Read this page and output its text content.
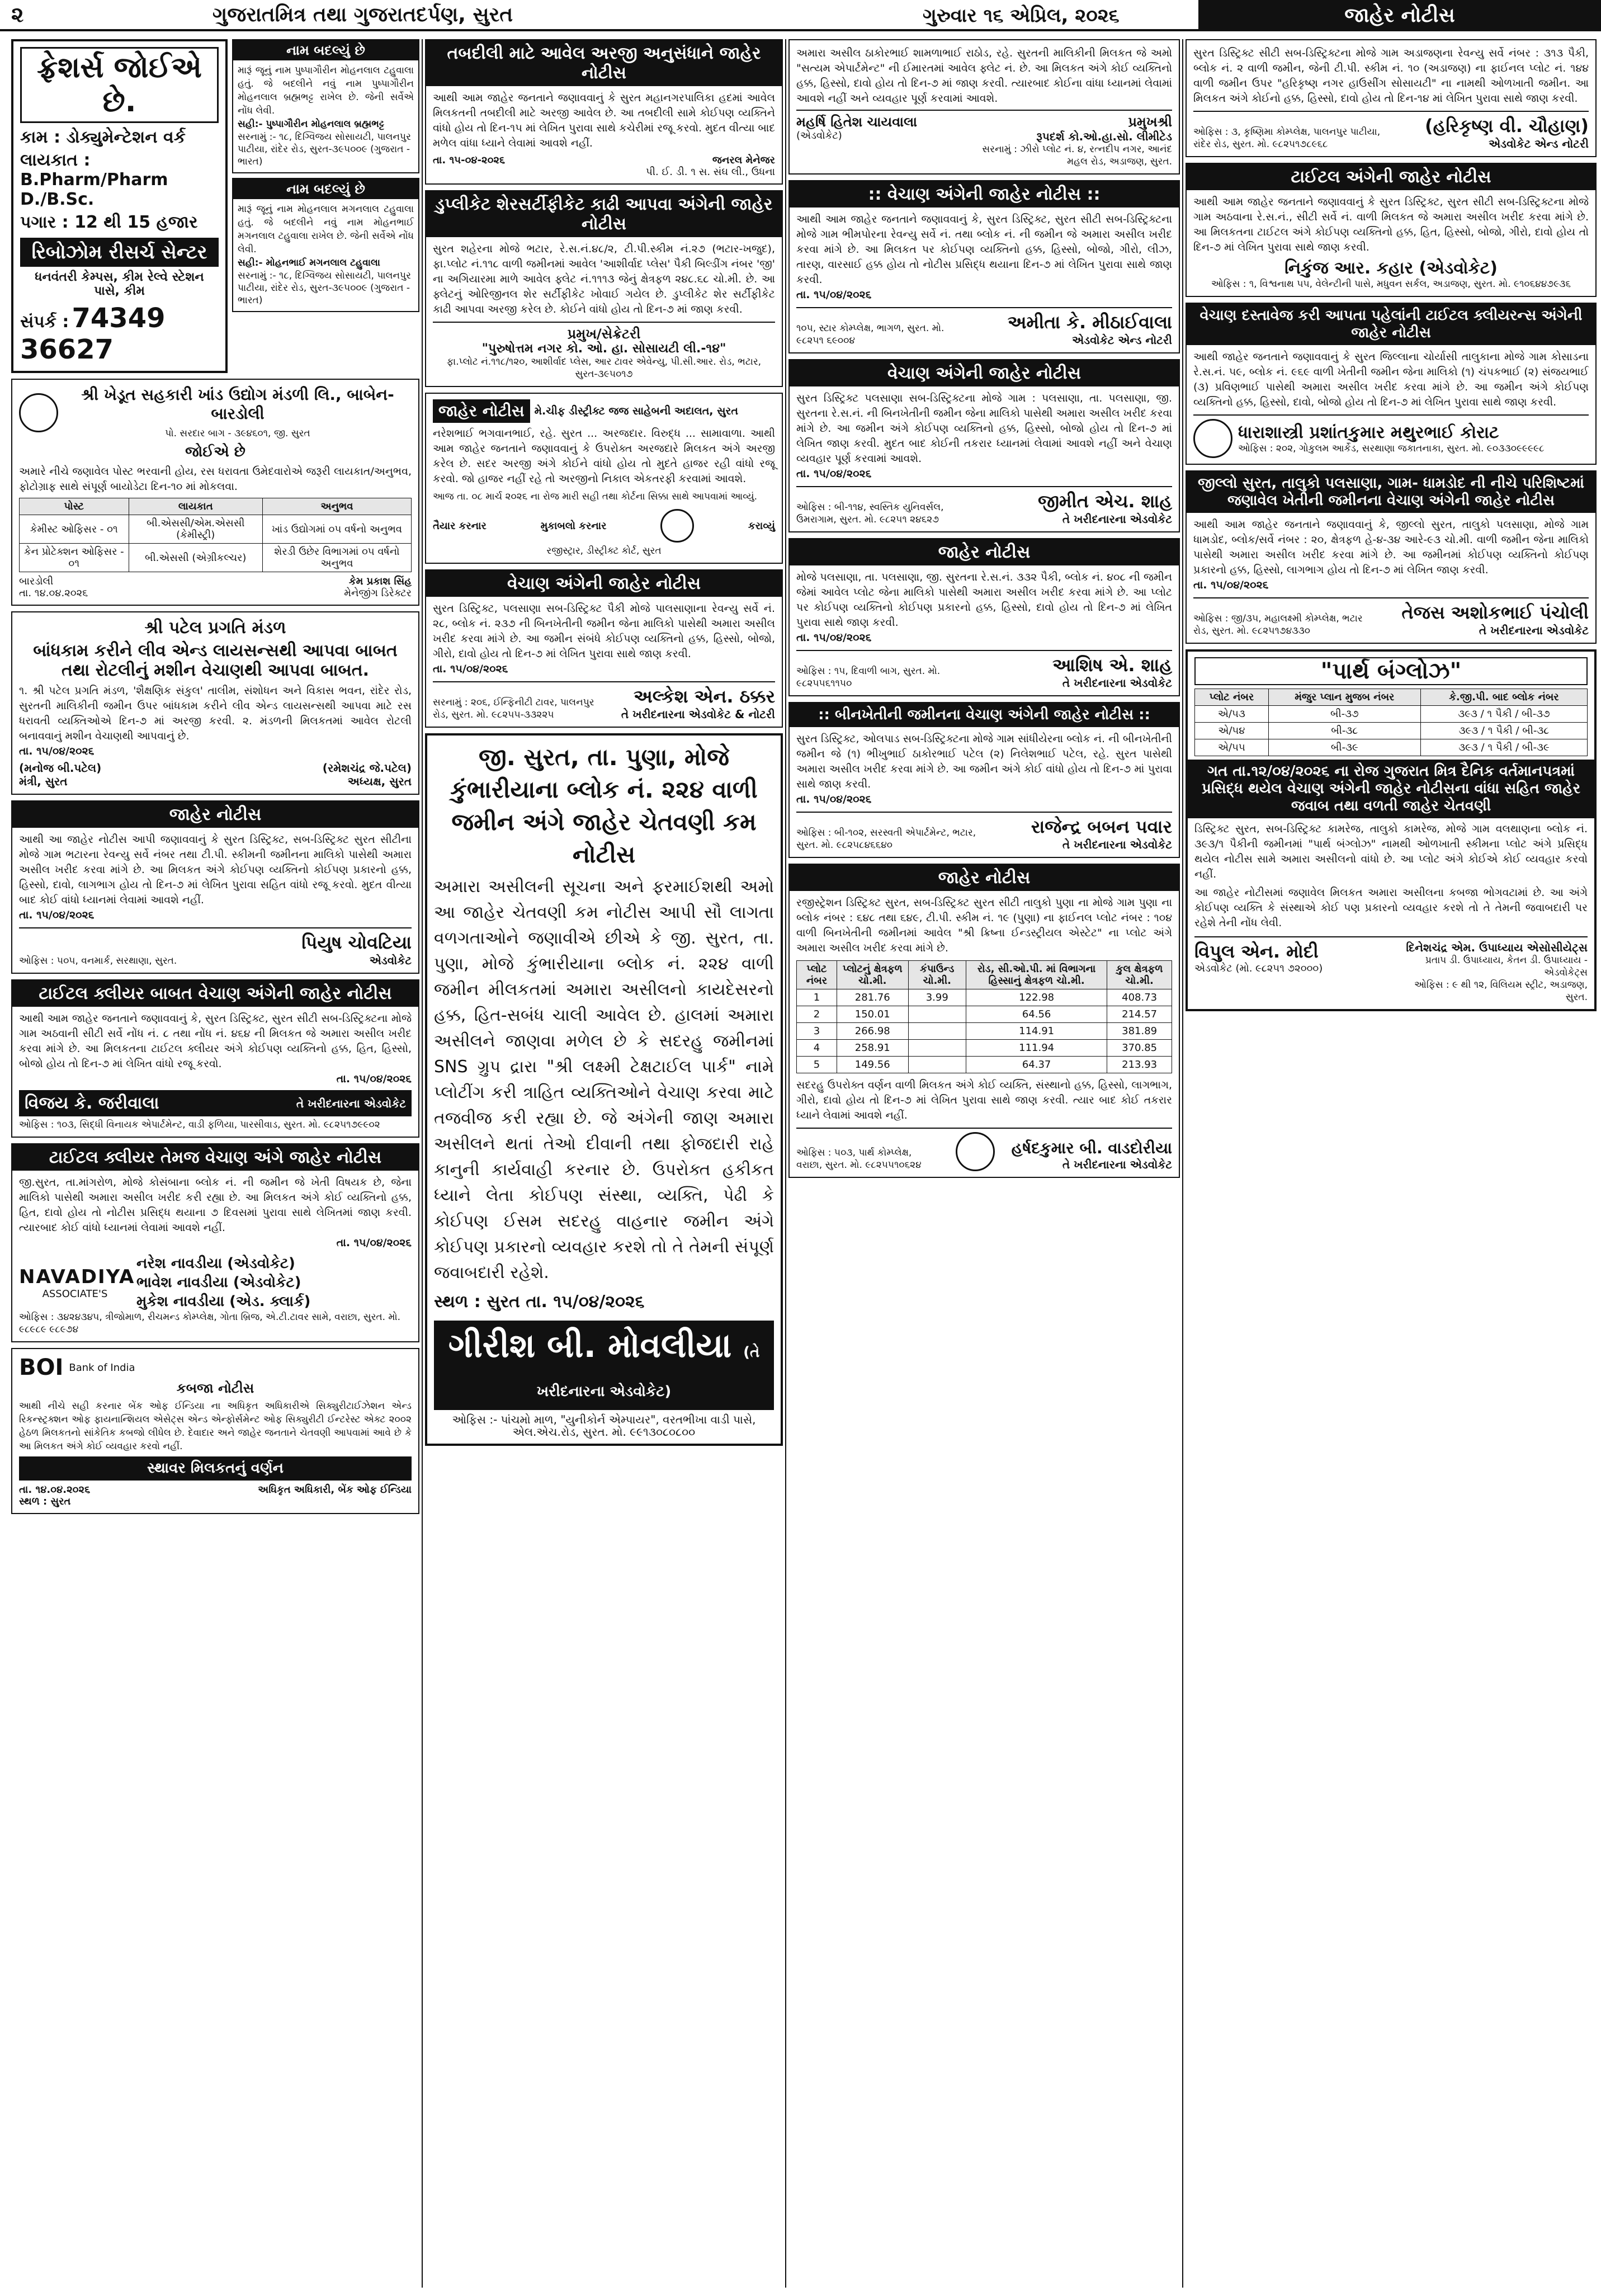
૨	ગુજરાતમિત્ર તથા ગુજરાતદર્પણ, સુરત	ગુરુવાર ૧૬ એપ્રિલ, ૨૦૨૬	જાહેર નોટીસ
ફ્રેશર્સ જોઈએ છે.
કામ : ડોક્યુમેન્ટેશન વર્ક
લાયકાત : B.Pharm/Pharm D./B.Sc.
પગાર : 12 થી 15 હજાર
રિબોઝોમ રીસર્ચ સેન્ટર
ધનવંતરી કેમ્પસ, કીમ રેલ્વે સ્ટેશન પાસે, કીમ
સંપર્ક : 74349 36627
નામ બદલ્યું છે
મારૂં જૂનું નામ પુષ્પાગૌરીન મોહનલાલ ટહુવાલા હતું. જે બદલીને નવું નામ પુષ્પાગૌરીન મોહનલાલ બ્રહ્મભટ્ટ રાખેલ છે. જેની સર્વેએ નોંધ લેવી.
સહી:- પુષ્પાગૌરીન મોહનલાલ બ્રહ્મભટ્ટ
સરનામું :- ૧૮, દિગ્વિજય સોસાયટી, પાલનપુર પાટીયા, રાંદેર રોડ, સુરત-૩૯૫૦૦૯ (ગુજરાત - ભારત)
નામ બદલ્યું છે
મારૂં જૂનું નામ મોહનલાલ મગનલાલ ટહુવાલા હતું. જે બદલીને નવું નામ મોહનભાઈ મગનલાલ ટહુવાલા રાખેલ છે. જેની સર્વેએ નોંધ લેવી.
સહી:- મોહનભાઈ મગનલાલ ટહુવાલા
સરનામું :- ૧૮, દિગ્વિજય સોસાયટી, પાલનપુર પાટીયા, રાંદેર રોડ, સુરત-૩૯૫૦૦૯ (ગુજરાત - ભારત)
શ્રી ખેડૂત સહકારી ખાંડ ઉદ્યોગ મંડળી લિ., બાબેન-બારડોલી
પો. સરદાર બાગ - ૩૯૪૬૦૧, જી. સુરત
જોઈએ છે
અમારે નીચે જણાવેલ પોસ્ટ ભરવાની હોય, રસ ધરાવતા ઉમેદવારોએ જરૂરી લાયકાત/અનુભવ, ફોટોગ્રાફ સાથે સંપૂર્ણ બાયોડેટા દિન-૧૦ માં મોકલવા.
પોસ્ટ	લાયકાત	અનુભવ
કેમીસ્ટ ઓફિસર - ૦૧	બી.એસસી/એમ.એસસી (કેમીસ્ટ્રી)	ખાંડ ઉદ્યોગમાં ૦૫ વર્ષનો અનુભવ
કેન પ્રોટેક્શન ઓફિસર - ૦૧	બી.એસસી (એગ્રીકલ્ચર)	શેરડી ઉછેર વિભાગમાં ૦૫ વર્ષનો અનુભવ
બારડોલી
તા. ૧૪.૦૪.૨૦૨૬
કેમ પ્રકાશ સિંહ
મેનેજીંગ ડિરેક્ટર
શ્રી પટેલ પ્રગતિ મંડળ
બાંધકામ કરીને લીવ એન્ડ લાયસન્સથી આપવા બાબત તથા રોટલીનું મશીન વેચાણથી આપવા બાબત.
૧. શ્રી પટેલ પ્રગતિ મંડળ, 'શૈક્ષણિક સંકુલ' તાલીમ, સંશોધન અને વિકાસ ભવન, રાંદેર રોડ, સુરતની માલિકીની જમીન ઉપર બાંધકામ કરીને લીવ એન્ડ લાયસન્સથી આપવા માટે રસ ધરાવતી વ્યક્તિઓએ દિન-૭ માં અરજી કરવી. ૨. મંડળની મિલકતમાં આવેલ રોટલી બનાવવાનું મશીન વેચાણથી આપવાનું છે.
તા. ૧૫/૦૪/૨૦૨૬
(મનોજ બી.પટેલ)
મંત્રી, સુરત
(રમેશચંદ્ર જે.પટેલ)
અધ્યક્ષ, સુરત
જાહેર નોટીસ
આથી આ જાહેર નોટીસ આપી જણાવવાનું કે સુરત ડિસ્ટ્રિક્ટ, સબ-ડિસ્ટ્રિક્ટ સુરત સીટીના મોજે ગામ ભટારના રેવન્યુ સર્વે નંબર તથા ટી.પી. સ્કીમની જમીનના માલિકો પાસેથી અમારા અસીલ ખરીદ કરવા માંગે છે. આ મિલકત અંગે કોઈપણ વ્યક્તિનો કોઈપણ પ્રકારનો હક્ક, હિસ્સો, દાવો, લાગભાગ હોય તો દિન-૭ માં લેખિત પુરાવા સહિત વાંધો રજૂ કરવો. મુદત વીત્યા બાદ કોઈ વાંધો ધ્યાનમાં લેવામાં આવશે નહીં.
તા. ૧૫/૦૪/૨૦૨૬
ઓફિસ : ૫૦૫, વનમાર્ક, સરથાણા, સુરત.
પિયુષ ચોવટિયા
એડવોકેટ
ટાઈટલ ક્લીયર બાબત વેચાણ અંગેની જાહેર નોટીસ
આથી આમ જાહેર જનતાને જણાવવાનું કે, સુરત ડિસ્ટ્રિક્ટ, સુરત સીટી સબ-ડિસ્ટ્રિક્ટના મોજે ગામ અઠવાની સીટી સર્વે નોંધ નં. ૮ તથા નોંધ નં. ૪૬૪ ની મિલકત જે અમારા અસીલ ખરીદ કરવા માંગે છે. આ મિલકતના ટાઈટલ ક્લીયર અંગે કોઈપણ વ્યક્તિનો હક્ક, હિત, હિસ્સો, બોજો હોય તો દિન-૭ માં લેખિત વાંધો રજૂ કરવો.
તા. ૧૫/૦૪/૨૦૨૬
વિજય કે. જરીવાલા	તે ખરીદનારના એડવોકેટ
ઓફિસ : ૧૦૩, સિદ્ધી વિનાયક એપાર્ટમેન્ટ, વાડી ફળિયા, પારસીવાડ, સુરત. મો. ૯૮૨૫૧૭૯૯૦૨
ટાઈટલ ક્લીયર તેમજ વેચાણ અંગે જાહેર નોટીસ
જી.સુરત, તા.માંગરોળ, મોજે કોસંબાના બ્લોક નં. ની જમીન જે ખેતી વિષયક છે, જેના માલિકો પાસેથી અમારા અસીલ ખરીદ કરી રહ્યા છે. આ મિલકત અંગે કોઈ વ્યક્તિનો હક્ક, હિત, દાવો હોય તો નોટીસ પ્રસિદ્ધ થયાના ૭ દિવસમાં પુરાવા સાથે લેખિતમાં જાણ કરવી. ત્યારબાદ કોઈ વાંધો ધ્યાનમાં લેવામાં આવશે નહીં.
તા. ૧૫/૦૪/૨૦૨૬
NAVADIYA
ASSOCIATE'S
નરેશ નાવડીયા (એડવોકેટ)
ભાવેશ નાવડીયા (એડવોકેટ)
મુકેશ નાવડીયા (એડ. ક્લાર્ક)
ઓફિસ : ૩૪૨૪૩૪૫, ત્રીજોમાળ, રીચમન્ડ કોમ્પ્લેક્ષ, ગોતા બ્રિજ, એ.ટી.ટાવર સામે, વરાછા, સુરત. મો. ૯૮૯૮૯ ૯૮૯૭૪
BOI Bank of India
કબજા નોટીસ
આથી નીચે સહી કરનાર બેંક ઓફ ઈન્ડિયા ના અધિકૃત અધિકારીએ સિક્યુરીટાઈઝેશન એન્ડ રિકન્સ્ટ્રક્શન ઓફ ફાયનાન્શિયલ એસેટ્સ એન્ડ એન્ફોર્સમેન્ટ ઓફ સિક્યુરીટી ઈન્ટરેસ્ટ એક્ટ ૨૦૦૨ હેઠળ મિલકતનો સાંકેતિક કબજો લીધેલ છે. દેવાદાર અને જાહેર જનતાને ચેતવણી આપવામાં આવે છે કે આ મિલકત અંગે કોઈ વ્યવહાર કરવો નહીં.
સ્થાવર મિલકતનું વર્ણન
તા. ૧૪.૦૪.૨૦૨૬
સ્થળ : સુરત
અધિકૃત અધિકારી, બેંક ઓફ ઈન્ડિયા
તબદીલી માટે આવેલ અરજી અનુસંધાને જાહેર નોટીસ
આથી આમ જાહેર જનતાને જણાવવાનું કે સુરત મહાનગરપાલિકા હદમાં આવેલ મિલકતની તબદીલી માટે અરજી આવેલ છે. આ તબદીલી સામે કોઈપણ વ્યક્તિને વાંધો હોય તો દિન-૧૫ માં લેખિત પુરાવા સાથે કચેરીમાં રજૂ કરવો. મુદત વીત્યા બાદ મળેલ વાંધા ધ્યાને લેવામાં આવશે નહીં.
તા. ૧૫-૦૪-૨૦૨૬	જનરલ મેનેજર
પી. ઈ. ડી. ૧ સ. સંઘ લી., ઉધના
ડુપ્લીકેટ શેરસર્ટીફીકેટ કાઢી આપવા અંગેની જાહેર નોટીસ
સુરત શહેરના મોજે ભટાર, રે.સ.નં.૪૮/૨, ટી.પી.સ્કીમ નં.૨૭ (ભટાર-ખજુદ), ફા.પ્લોટ નં.૧૧૮ વાળી જમીનમાં આવેલ 'આશીર્વાદ પ્લેસ' પૈકી બિલ્ડીંગ નંબર 'જી' ના અગિયારમા માળે આવેલ ફ્લેટ નં.૧૧૧૩ જેનું ક્ષેત્રફળ ૨૪૮.૬૮ ચો.મી. છે. આ ફ્લેટનું ઓરિજીનલ શેર સર્ટીફીકેટ ખોવાઈ ગયેલ છે. ડુપ્લીકેટ શેર સર્ટીફીકેટ કાઢી આપવા અરજી કરેલ છે. કોઈને વાંધો હોય તો દિન-૭ માં જાણ કરવી.
પ્રમુખ/સેક્રેટરી
"પુરુષોત્તમ નગર કો. ઓ. હા. સોસાયટી લી.-૧૪"
ફા.પ્લોટ નં.૧૧૮/૧૨૦, આશીર્વાદ પ્લેસ, આર ટાવર એવેન્યુ, પી.સી.આર. રોડ, ભટાર, સુરત-૩૯૫૦૧૭
જાહેર નોટીસ મે.ચીફ ડીસ્ટ્રીક્ટ જજ સાહેબની અદાલત, સુરત
નરેશભાઈ ભગવાનભાઈ, રહે. સુરત ... અરજદાર. વિરુદ્ધ ... સામાવાળા. આથી આમ જાહેર જનતાને જણાવવાનું કે ઉપરોક્ત અરજદારે મિલકત અંગે અરજી કરેલ છે. સદર અરજી અંગે કોઈને વાંધો હોય તો મુદતે હાજર રહી વાંધો રજૂ કરવો. જો હાજર નહીં રહે તો અરજીનો નિકાલ એકતરફી કરવામાં આવશે.
આજ તા. ૦૮ માર્ચ ૨૦૨૬ ના રોજ મારી સહી તથા કોર્ટના સિક્કા સાથે આપવામાં આવ્યું.
તૈયાર કરનાર	મુકાબલો કરનાર	કરાવ્યું
રજીસ્ટ્રાર, ડીસ્ટ્રીક્ટ કોર્ટ, સુરત
વેચાણ અંગેની જાહેર નોટીસ
સુરત ડિસ્ટ્રિક્ટ, પલસાણા સબ-ડિસ્ટ્રિક્ટ પૈકી મોજે પાલસાણાના રેવન્યુ સર્વે નં. ૨૮, બ્લોક નં. ૨૩૭ ની બિનખેતીની જમીન જેના માલિકો પાસેથી અમારા અસીલ ખરીદ કરવા માંગે છે. આ જમીન સંબંધે કોઈપણ વ્યક્તિનો હક્ક, હિસ્સો, બોજો, ગીરો, દાવો હોય તો દિન-૭ માં લેખિત પુરાવા સાથે જાણ કરવી.
તા. ૧૫/૦૪/૨૦૨૬
સરનામું : ૨૦૬, ઈન્ફિનીટી ટાવર, પાલનપુર રોડ, સુરત. મો. ૯૮૨૫૫-૩૩૨૨૫
અલ્કેશ એન. ઠક્કર
તે ખરીદનારના એડવોકેટ & નોટરી
જી. સુરત, તા. પુણા, મોજે કુંભારીયાના બ્લોક નં. ૨૨૪ વાળી જમીન અંગે જાહેર ચેતવણી કમ નોટીસ
અમારા અસીલની સૂચના અને ફરમાઈશથી અમો આ જાહેર ચેતવણી કમ નોટીસ આપી સૌ લાગતા વળગતાઓને જણાવીએ છીએ કે જી. સુરત, તા. પુણા, મોજે કુંભારીયાના બ્લોક નં. ૨૨૪ વાળી જમીન મીલકતમાં અમારા અસીલનો કાયદેસરનો હક્ક, હિત-સબંધ ચાલી આવેલ છે. હાલમાં અમારા અસીલને જાણવા મળેલ છે કે સદરહુ જમીનમાં SNS ગ્રુપ દ્રારા "શ્રી લક્ષ્મી ટેક્ષટાઈલ પાર્ક" નામે પ્લોટીંગ કરી ત્રાહિત વ્યક્તિઓને વેચાણ કરવા માટે તજવીજ કરી રહ્યા છે. જે અંગેની જાણ અમારા અસીલને થતાં તેઓ દીવાની તથા ફોજદારી રાહે કાનુની કાર્યવાહી કરનાર છે. ઉપરોક્ત હકીકત ધ્યાને લેતા કોઈપણ સંસ્થા, વ્યક્તિ, પેઢી કે કોઈપણ ઈસમ સદરહુ વાહનાર જમીન અંગે કોઈપણ પ્રકારનો વ્યવહાર કરશે તો તે તેમની સંપૂર્ણ જવાબદારી રહેશે.
સ્થળ : સુરત તા. ૧૫/૦૪/૨૦૨૬
ગીરીશ બી. મોવલીયા (તે ખરીદનારના એડવોકેટ)
ઓફિસ :- પાંચમો માળ, "યુનીકોર્ન એમ્પાયર", વરતભીખા વાડી પાસે, એલ.એચ.રોડ, સુરત. મો. ૯૯૧૩૦૮૦૮૦૦
અમારા અસીલ ઠાકોરભાઈ શામળાભાઈ રાઠોડ, રહે. સુરતની માલિકીની મિલકત જે અમો "સત્યમ એપાર્ટમેન્ટ" ની ઈમારતમાં આવેલ ફ્લેટ નં. છે. આ મિલકત અંગે કોઈ વ્યક્તિનો હક્ક, હિસ્સો, દાવો હોય તો દિન-૭ માં જાણ કરવી. ત્યારબાદ કોઈના વાંધા ધ્યાનમાં લેવામાં આવશે નહીં અને વ્યવહાર પૂર્ણ કરવામાં આવશે.
મહર્ષિ હિતેશ ચાયવાલા
(એડવોકેટ)
પ્રમુખશ્રી
રૂપદર્શ કો.ઓ.હા.સો. લીમીટેડ
સરનામું : ઝીરો પ્લોટ નં. ૪, રત્નદીપ નગર, આનંદ મહલ રોડ, અડાજણ, સુરત.
:: વેચાણ અંગેની જાહેર નોટીસ ::
આથી આમ જાહેર જનતાને જણાવવાનું કે, સુરત ડિસ્ટ્રિક્ટ, સુરત સીટી સબ-ડિસ્ટ્રિક્ટના મોજે ગામ ભીમપોરના રેવન્યુ સર્વે નં. તથા બ્લોક નં. ની જમીન જે અમારા અસીલ ખરીદ કરવા માંગે છે. આ મિલકત પર કોઈપણ વ્યક્તિનો હક્ક, હિસ્સો, બોજો, ગીરો, લીઝ, તારણ, વારસાઈ હક્ક હોય તો નોટીસ પ્રસિદ્ધ થયાના દિન-૭ માં લેખિત પુરાવા સાથે જાણ કરવી.
તા. ૧૫/૦૪/૨૦૨૬
૧૦૫, સ્ટાર કોમ્પ્લેક્ષ, ભાગળ, સુરત. મો. ૯૮૨૫૧ ૬૯૦૦૪
અમીતા કે. મીઠાઈવાલા
એડવોકેટ એન્ડ નોટરી
વેચાણ અંગેની જાહેર નોટીસ
સુરત ડિસ્ટ્રિક્ટ પલસાણા સબ-ડિસ્ટ્રિક્ટના મોજે ગામ : પલસાણા, તા. પલસાણા, જી. સુરતના રે.સ.નં. ની બિનખેતીની જમીન જેના માલિકો પાસેથી અમારા અસીલ ખરીદ કરવા માંગે છે. આ જમીન અંગે કોઈપણ વ્યક્તિનો હક્ક, હિસ્સો, બોજો હોય તો દિન-૭ માં લેખિત જાણ કરવી. મુદત બાદ કોઈની તકરાર ધ્યાનમાં લેવામાં આવશે નહીં અને વેચાણ વ્યવહાર પૂર્ણ કરવામાં આવશે.
તા. ૧૫/૦૪/૨૦૨૬
ઓફિસ : બી-૧૧૪, સ્વસ્તિક યુનિવર્સલ, ઉમરાગામ, સુરત. મો. ૯૮૨૫૧ ૨૪૬૨૭
જીમીત એચ. શાહ
તે ખરીદનારના એડવોકેટ
જાહેર નોટીસ
મોજે પલસાણા, તા. પલસાણા, જી. સુરતના રે.સ.નં. ૩૩૨ પૈકી, બ્લોક નં. ૪૦૮ ની જમીન જેમાં આવેલ પ્લોટ જેના માલિકો પાસેથી અમારા અસીલ ખરીદ કરવા માંગે છે. આ પ્લોટ પર કોઈપણ વ્યક્તિનો કોઈપણ પ્રકારનો હક્ક, હિસ્સો, દાવો હોય તો દિન-૭ માં લેખિત પુરાવા સાથે જાણ કરવી.
તા. ૧૫/૦૪/૨૦૨૬
ઓફિસ : ૧૫, દિવાળી બાગ, સુરત. મો. ૯૮૨૫૫૬૧૧૫૦
આશિષ એ. શાહ
તે ખરીદનારના એડવોકેટ
:: બીનખેતીની જમીનના વેચાણ અંગેની જાહેર નોટીસ ::
સુરત ડિસ્ટ્રિક્ટ, ઓલપાડ સબ-ડિસ્ટ્રિક્ટના મોજે ગામ સાંધીયેરના બ્લોક નં. ની બીનખેતીની જમીન જે (૧) ભીખુભાઈ ઠાકોરભાઈ પટેલ (૨) નિલેશભાઈ પટેલ, રહે. સુરત પાસેથી અમારા અસીલ ખરીદ કરવા માંગે છે. આ જમીન અંગે કોઈ વાંધો હોય તો દિન-૭ માં પુરાવા સાથે જાણ કરવી.
તા. ૧૫/૦૪/૨૦૨૬
ઓફિસ : બી-૧૦૨, સરસ્વતી એપાર્ટમેન્ટ, ભટાર, સુરત. મો. ૯૮૨૫૮૪૬૬૪૦
રાજેન્દ્ર બબન પવાર
તે ખરીદનારના એડવોકેટ
જાહેર નોટીસ
રજીસ્ટ્રેશન ડિસ્ટ્રિક્ટ સુરત, સબ-ડિસ્ટ્રિક્ટ સુરત સીટી તાલુકો પુણા ના મોજે ગામ પુણા ના બ્લોક નંબર : ૬૪૮ તથા ૬૪૯, ટી.પી. સ્કીમ નં. ૧૯ (પુણા) ના ફાઈનલ પ્લોટ નંબર : ૧૦૪ વાળી બિનખેતીની જમીનમાં આવેલ "શ્રી ક્રિષ્ના ઈન્ડસ્ટ્રીયલ એસ્ટેટ" ના પ્લોટ અંગે અમારા અસીલ ખરીદ કરવા માંગે છે.
પ્લોટ નંબર	પ્લોટનું ક્ષેત્રફળ ચો.મી.	કંપાઉન્ડ ચો.મી.	રોડ, સી.ઓ.પી. માં વિભાગના હિસ્સાનું ક્ષેત્રફળ ચો.મી.	કુલ ક્ષેત્રફળ ચો.મી.
1	281.76	3.99	122.98	408.73
2	150.01		64.56	214.57
3	266.98		114.91	381.89
4	258.91		111.94	370.85
5	149.56		64.37	213.93
સદરહુ ઉપરોક્ત વર્ણન વાળી મિલકત અંગે કોઈ વ્યક્તિ, સંસ્થાનો હક્ક, હિસ્સો, લાગભાગ, ગીરો, દાવો હોય તો દિન-૭ માં લેખિત પુરાવા સાથે જાણ કરવી. ત્યાર બાદ કોઈ તકરાર ધ્યાને લેવામાં આવશે નહીં.
ઓફિસ : ૫૦૩, પાર્થ કોમ્પ્લેક્ષ, વરાછા, સુરત. મો. ૯૮૨૫૫૧૦૬૨૪
હર્ષદકુમાર બી. વાડદોરીયા
તે ખરીદનારના એડવોકેટ
સુરત ડિસ્ટ્રિક્ટ સીટી સબ-ડિસ્ટ્રિક્ટના મોજે ગામ અડાજણના રેવન્યુ સર્વે નંબર : ૩૧૩ પૈકી, બ્લોક નં. ૨ વાળી જમીન, જેની ટી.પી. સ્કીમ નં. ૧૦ (અડાજણ) ના ફાઈનલ પ્લોટ નં. ૧૪૪ વાળી જમીન ઉપર "હરિકૃષ્ણ નગર હાઉસીંગ સોસાયટી" ના નામથી ઓળખાતી જમીન. આ મિલકત અંગે કોઈનો હક્ક, હિસ્સો, દાવો હોય તો દિન-૧૪ માં લેખિત પુરાવા સાથે જાણ કરવી.
ઓફિસ : ૩, કૃષ્ણિમા કોમ્પ્લેક્ષ, પાલનપુર પાટીયા, રાંદેર રોડ, સુરત. મો. ૯૮૨૫૧૭૮૯૬૮
(હરિકૃષ્ણ વી. ચૌહાણ)
એડવોકેટ એન્ડ નોટરી
ટાઈટલ અંગેની જાહેર નોટીસ
આથી આમ જાહેર જનતાને જણાવવાનું કે સુરત ડિસ્ટ્રિક્ટ, સુરત સીટી સબ-ડિસ્ટ્રિક્ટના મોજે ગામ અઠવાના રે.સ.નં., સીટી સર્વે નં. વાળી મિલકત જે અમારા અસીલ ખરીદ કરવા માંગે છે. આ મિલકતના ટાઈટલ અંગે કોઈપણ વ્યક્તિનો હક્ક, હિત, હિસ્સો, બોજો, ગીરો, દાવો હોય તો દિન-૭ માં લેખિત પુરાવા સાથે જાણ કરવી.
નિકુંજ આર. કહાર (એડવોકેટ)
ઓફિસ : ૧, વિશ્વનાથ ૫૫, વેલેન્ટીની પાસે, મધુવન સર્કલ, અડાજણ, સુરત. મો. ૯૧૦૬૪૪૭૯૩૬
વેચાણ દસ્તાવેજ કરી આપતા પહેલાંની ટાઈટલ ક્લીયરન્સ અંગેની જાહેર નોટીસ
આથી જાહેર જનતાને જણાવવાનું કે સુરત જિલ્લાના ચોર્યાસી તાલુકાના મોજે ગામ કોસાડના રે.સ.નં. ૫૯, બ્લોક નં. ૯૬૯ વાળી ખેતીની જમીન જેના માલિકો (૧) ચંપકભાઈ (૨) સંજયભાઈ (૩) પ્રવિણભાઈ પાસેથી અમારા અસીલ ખરીદ કરવા માંગે છે. આ જમીન અંગે કોઈપણ વ્યક્તિનો હક્ક, હિસ્સો, દાવો, બોજો હોય તો દિન-૭ માં લેખિત પુરાવા સાથે જાણ કરવી.
ધારાશાસ્ત્રી પ્રશાંતકુમાર મથુરભાઈ કોરાટ
ઓફિસ : ૨૦૨, ગોકુલમ આર્કેડ, સરથાણા જકાતનાકા, સુરત. મો. ૯૦૩૩૦૯૯૯૯૮
જીલ્લો સુરત, તાલુકો પલસાણા, ગામ- ધામડોદ ની નીચે પરિશિષ્ટમાં જણાવેલ ખેતીની જમીનના વેચાણ અંગેની જાહેર નોટીસ
આથી આમ જાહેર જનતાને જણાવવાનું કે, જીલ્લો સુરત, તાલુકો પલસાણા, મોજે ગામ ધામડોદ, બ્લોક/સર્વે નંબર : ૨૦, ક્ષેત્રફળ હે-૪-૩૪ આરે-૯૩ ચો.મી. વાળી જમીન જેના માલિકો પાસેથી અમારા અસીલ ખરીદ કરવા માંગે છે. આ જમીનમાં કોઈપણ વ્યક્તિનો કોઈપણ પ્રકારનો હક્ક, હિસ્સો, લાગભાગ હોય તો દિન-૭ માં લેખિત જાણ કરવી.
તા. ૧૫/૦૪/૨૦૨૬
ઓફિસ : જી/૩૫, મહાલક્ષ્મી કોમ્પ્લેક્ષ, ભટાર રોડ, સુરત. મો. ૯૮૨૫૧૭૪૩૩૦
તેજસ અશોકભાઈ પંચોલી
તે ખરીદનારના એડવોકેટ
"પાર્થ બંગ્લોઝ"
પ્લોટ નંબર	મંજુર પ્લાન મુજબ નંબર	કે.જી.પી. બાદ બ્લોક નંબર
એ/૫૩	બી-૩૭	૩૯૩ / ૧ પૈકી / બી-૩૭
એ/૫૪	બી-૩૮	૩૯૩ / ૧ પૈકી / બી-૩૮
એ/૫૫	બી-૩૯	૩૯૩ / ૧ પૈકી / બી-૩૯
ગત તા.૧૨/૦૪/૨૦૨૬ ના રોજ ગુજરાત મિત્ર દૈનિક વર્તમાનપત્રમાં પ્રસિદ્ધ થયેલ વેચાણ અંગેની જાહેર નોટીસના વાંધા સહિત જાહેર જવાબ તથા વળતી જાહેર ચેતવણી
ડિસ્ટ્રિક્ટ સુરત, સબ-ડિસ્ટ્રિક્ટ કામરેજ, તાલુકો કામરેજ, મોજે ગામ વલથાણના બ્લોક નં. ૩૯૩/૧ પૈકીની જમીનમાં "પાર્થ બંગ્લોઝ" નામથી ઓળખાતી સ્કીમના પ્લોટ અંગે પ્રસિદ્ધ થયેલ નોટીસ સામે અમારા અસીલનો વાંધો છે. આ પ્લોટ અંગે કોઈએ કોઈ વ્યવહાર કરવો નહીં.
આ જાહેર નોટીસમાં જણાવેલ મિલકત અમારા અસીલના કબજા ભોગવટામાં છે. આ અંગે કોઈપણ વ્યક્તિ કે સંસ્થાએ કોઈ પણ પ્રકારનો વ્યવહાર કરશે તો તે તેમની જવાબદારી પર રહેશે તેની નોંધ લેવી.
વિપુલ એન. મોદી
એડવોકેટ (મો. ૯૮૨૫૧ ૭૨૦૦૦)
દિનેશચંદ્ર એમ. ઉપાધ્યાય એસોસીયેટ્સ
પ્રતાપ ડી. ઉપાધ્યાય, કેતન ડી. ઉપાધ્યાય - એડવોકેટ્સ
ઓફિસ : ૯ થી ૧૨, વિલિયમ સ્ટ્રીટ, અડાજણ, સુરત.
